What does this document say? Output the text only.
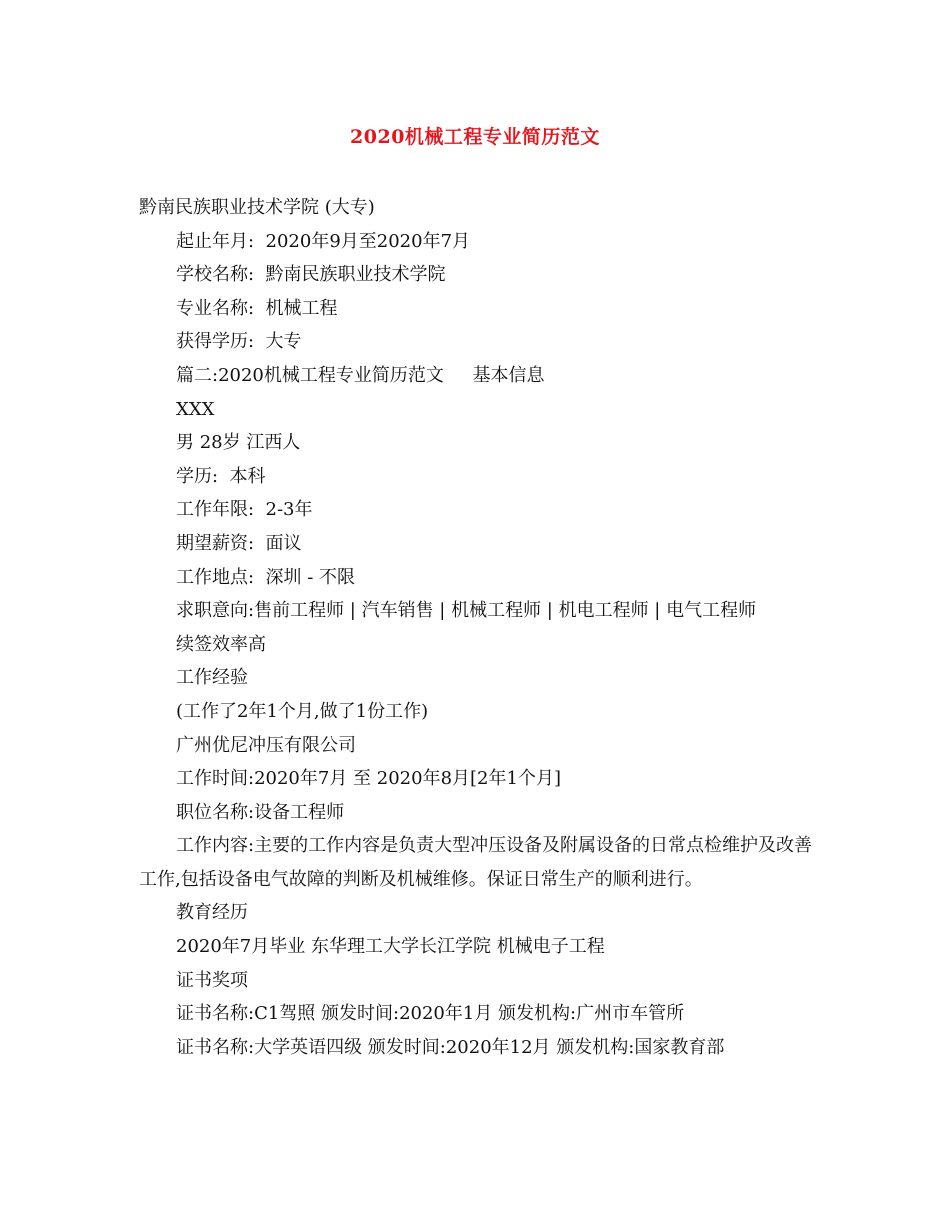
2020机械工程专业简历范文

黔南民族职业技术学院 (大专)

起止年月:  2020年9月至2020年7月

学校名称:  黔南民族职业技术学院

专业名称:  机械工程

获得学历:  大专

篇二:2020机械工程专业简历范文     基本信息

XXX

男 28岁 江西人

学历:  本科

工作年限:  2-3年

期望薪资:  面议

工作地点:  深圳 - 不限

求职意向:售前工程师 | 汽车销售 | 机械工程师 | 机电工程师 | 电气工程师

续签效率高

工作经验

(工作了2年1个月,做了1份工作)

广州优尼冲压有限公司

工作时间:2020年7月 至 2020年8月[2年1个月]

职位名称:设备工程师

工作内容:主要的工作内容是负责大型冲压设备及附属设备的日常点检维护及改善工作,包括设备电气故障的判断及机械维修。保证日常生产的顺利进行。

教育经历

2020年7月毕业 东华理工大学长江学院 机械电子工程

证书奖项

证书名称:C1驾照 颁发时间:2020年1月 颁发机构:广州市车管所

证书名称:大学英语四级 颁发时间:2020年12月 颁发机构:国家教育部
